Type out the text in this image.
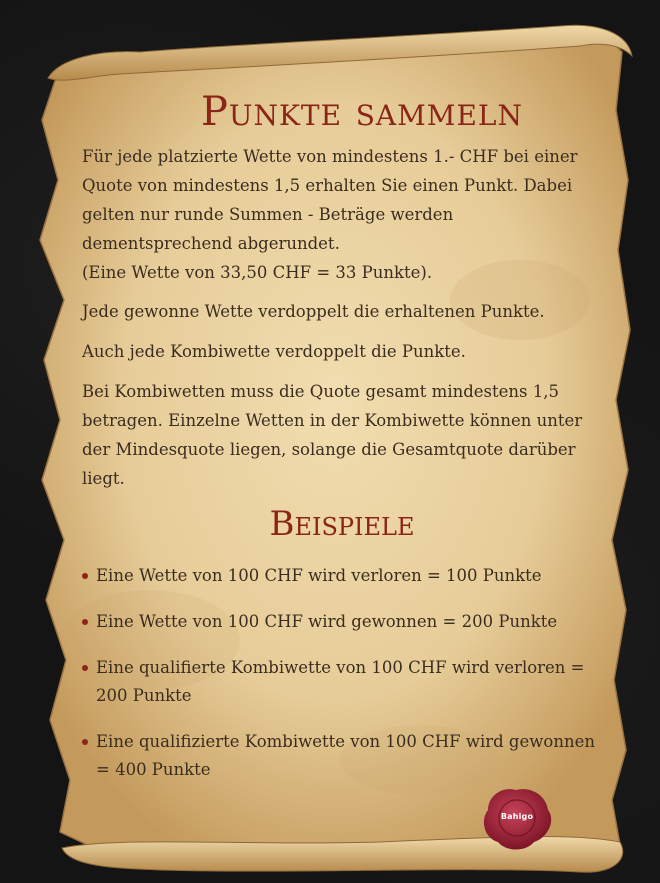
Punkte sammeln

Für jede platzierte Wette von mindestens 1.- CHF bei einer Quote von mindestens 1,5 erhalten Sie einen Punkt. Dabei gelten nur runde Summen - Beträge werden dementsprechend abgerundet.
(Eine Wette von 33,50 CHF = 33 Punkte).

Jede gewonne Wette verdoppelt die erhaltenen Punkte.

Auch jede Kombiwette verdoppelt die Punkte.

Bei Kombiwetten muss die Quote gesamt mindestens 1,5 betragen. Einzelne Wetten in der Kombiwette können unter der Mindesquote liegen, solange die Gesamtquote darüber liegt.

Beispiele
Eine Wette von 100 CHF wird verloren = 100 Punkte
Eine Wette von 100 CHF wird gewonnen = 200 Punkte
Eine qualifierte Kombiwette von 100 CHF wird verloren = 200 Punkte
Eine qualifizierte Kombiwette von 100 CHF wird gewonnen = 400 Punkte
Bahigo
